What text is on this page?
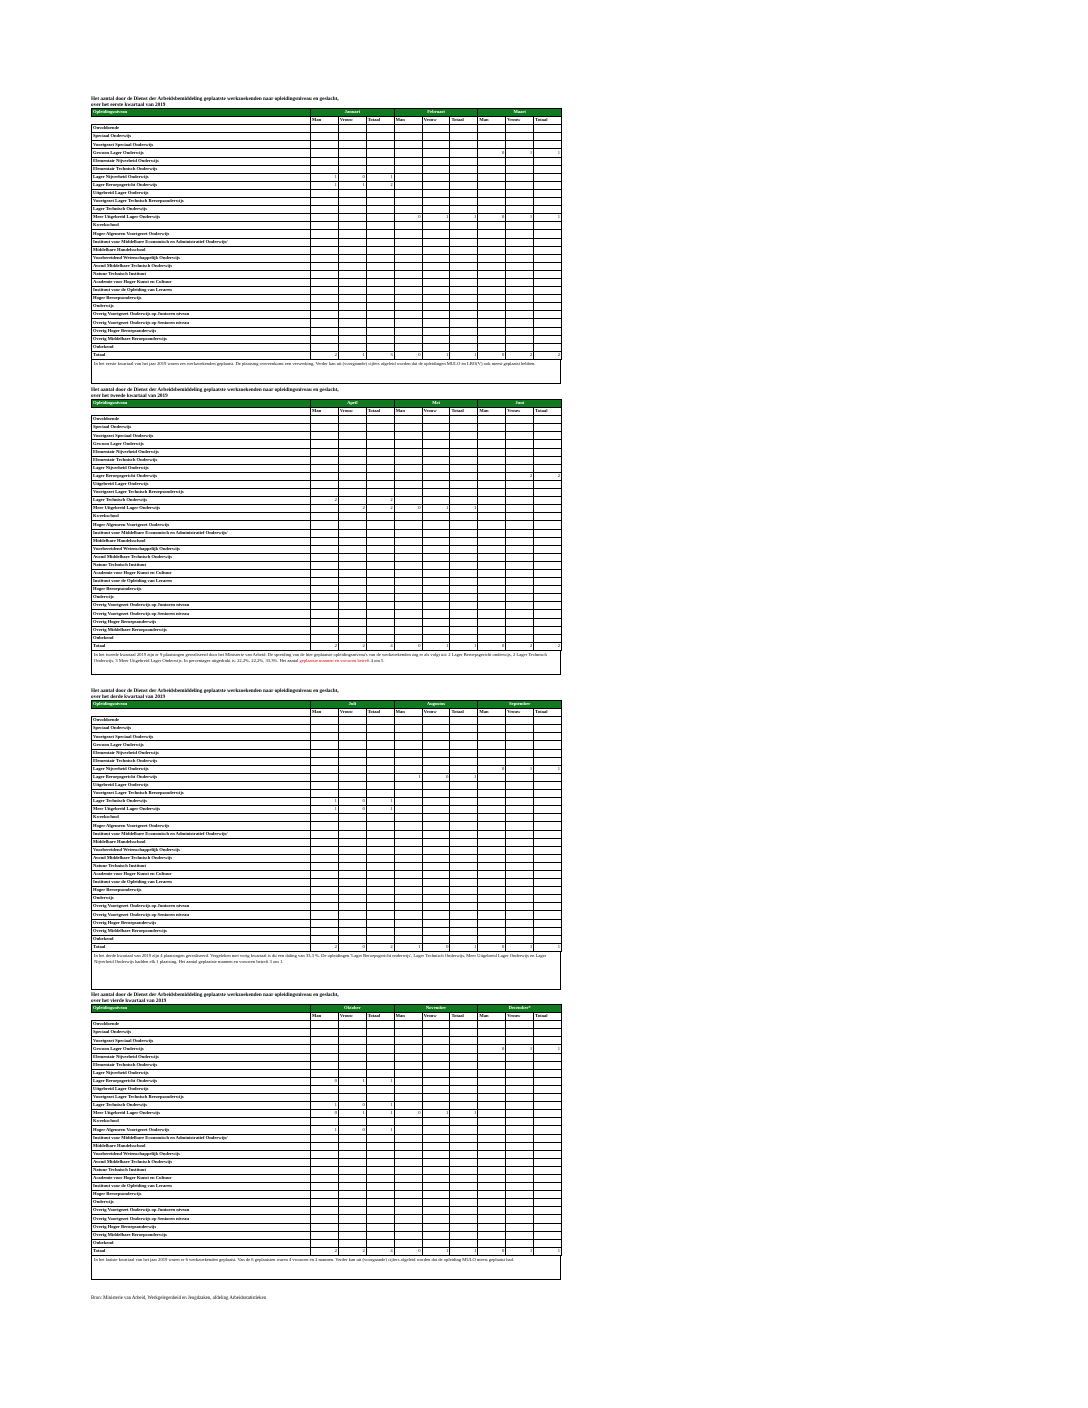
Het aantal door de Dienst der Arbeidsbemiddeling geplaatste werkzoekenden naar opleidingsniveau en geslacht,
over het eerste kwartaal van 2019
Opleidingsniveau	Januari			Februari			Maart		
	Man	Vrouw	Totaal	Man	Vrouw	Totaal	Man	Vrouw	Totaal
Onvoldoende									
Speciaal Onderwijs									
Voortgezet Speciaal Onderwijs									
Gewoon Lager Onderwijs							0	1	1
Elementair Nijverheid Onderwijs									
Elementair Technisch Onderwijs									
Lager Nijverheid Onderwijs	1	0	1						
Lager Beroepsgericht Onderwijs	1	1	2						
Uitgebreid Lager Onderwijs									
Voortgezet Lager Technisch Beroepsonderwijs									
Lager Technisch Onderwijs									
Meer Uitgebreid Lager Onderwijs				0	1	1	0	1	1
Kweekschool									
Hoger Algemeen Voortgezet Onderwijs									
Instituut voor Middelbare Economisch en Administratief Onderwijs/									
Middelbare Handelsschool									
Voorbereidend Wetenschappelijk Onderwijs									
Avond Middelbare Technisch Onderwijs									
Natuur Technisch Instituut									
Academie voor Hoger Kunst en Cultuur									
Instituut voor de Opleiding van Leraren									
Hoger Beroepsonderwijs									
Onderwijs									
Overig Voortgezet Onderwijs op Junioren niveau									
Overig Voortgezet Onderwijs op Senioren niveau									
Overig Hoger Beroepsonderwijs									
Overig Middelbare Beroepsonderwijs									
Onbekend									
Totaal	2	1	3	0	1	1	0	2	2
In het eerste kwartaal van het jaar 2019 waren zes werkzoekenden geplaatst. De plaatsing overeenkomt een verwerking. Verder kan uit (voorgaande) cijfers afgeleid worden dat de opleidingen MULO en LBO(V) ook meest geplaatst hebben.
Het aantal door de Dienst der Arbeidsbemiddeling geplaatste werkzoekenden naar opleidingsniveau en geslacht,
over het tweede kwartaal van 2019
Opleidingsniveau	April			Mei			Juni		
	Man	Vrouw	Totaal	Man	Vrouw	Totaal	Man	Vrouw	Totaal
Onvoldoende									
Speciaal Onderwijs									
Voortgezet Speciaal Onderwijs									
Gewoon Lager Onderwijs									
Elementair Nijverheid Onderwijs									
Elementair Technisch Onderwijs									
Lager Nijverheid Onderwijs									
Lager Beroepsgericht Onderwijs								2	2
Uitgebreid Lager Onderwijs									
Voortgezet Lager Technisch Beroepsonderwijs									
Lager Technisch Onderwijs	2		2						
Meer Uitgebreid Lager Onderwijs		2	2	0	1	1			
Kweekschool									
Hoger Algemeen Voortgezet Onderwijs									
Instituut voor Middelbare Economisch en Administratief Onderwijs/									
Middelbare Handelsschool									
Voorbereidend Wetenschappelijk Onderwijs									
Avond Middelbare Technisch Onderwijs									
Natuur Technisch Instituut									
Academie voor Hoger Kunst en Cultuur									
Instituut voor de Opleiding van Leraren									
Hoger Beroepsonderwijs									
Onderwijs									
Overig Voortgezet Onderwijs op Junioren niveau									
Overig Voortgezet Onderwijs op Senioren niveau									
Overig Hoger Beroepsonderwijs									
Overig Middelbare Beroepsonderwijs									
Onbekend									
Totaal	2	2	4	0	1	1	0	2	2
In het tweede kwartaal 2019 zijn er 9 plaatsingen gerealiseerd door het Ministerie van Arbeid. De spreiding van de hier geplaatste opleidingsniveau's van de werkzoekenden zag er als volgt uit: 2 Lager Beroepsgericht onderwijs, 2 Lager Technisch Onderwijs, 3 Meer Uitgebreid Lager Onderwijs. In percentages uitgedrukt is: 22,2%, 22,2%, 33,3%. Het aantal geplaatste mannen en vrouwen betreft 4 om 5.
Het aantal door de Dienst der Arbeidsbemiddeling geplaatste werkzoekenden naar opleidingsniveau en geslacht,
over het derde kwartaal van 2019
Opleidingsniveau	Juli			Augustus			September		
	Man	Vrouw	Totaal	Man	Vrouw	Totaal	Man	Vrouw	Totaal
Onvoldoende									
Speciaal Onderwijs									
Voortgezet Speciaal Onderwijs									
Gewoon Lager Onderwijs									
Elementair Nijverheid Onderwijs									
Elementair Technisch Onderwijs									
Lager Nijverheid Onderwijs							0	1	1
Lager Beroepsgericht Onderwijs				1	0	1			
Uitgebreid Lager Onderwijs									
Voortgezet Lager Technisch Beroepsonderwijs									
Lager Technisch Onderwijs	1	0	1						
Meer Uitgebreid Lager Onderwijs	1	0	1						
Kweekschool									
Hoger Algemeen Voortgezet Onderwijs									
Instituut voor Middelbare Economisch en Administratief Onderwijs/									
Middelbare Handelsschool									
Voorbereidend Wetenschappelijk Onderwijs									
Avond Middelbare Technisch Onderwijs									
Natuur Technisch Instituut									
Academie voor Hoger Kunst en Cultuur									
Instituut voor de Opleiding van Leraren									
Hoger Beroepsonderwijs									
Onderwijs									
Overig Voortgezet Onderwijs op Junioren niveau									
Overig Voortgezet Onderwijs op Senioren niveau									
Overig Hoger Beroepsonderwijs									
Overig Middelbare Beroepsonderwijs									
Onbekend									
Totaal	2	0	2	1	0	1	0	1	1
In het derde kwartaal van 2019 zijn 4 plaatsingen gerealiseerd. Vergeleken met vorig kwartaal is dit een daling van 33,3 %. De opleidingen 'Lager Beroepsgericht onderwijs', Lager Technisch Onderwijs, Meer Uitgebreid Lager Onderwijs en Lager Nijverheid Onderwijs hadden elk 1 plaatsing. Het aantal geplaatste mannen en vrouwen betreft 3 om 1.
Het aantal door de Dienst der Arbeidsbemiddeling geplaatste werkzoekenden naar opleidingsniveau en geslacht,
over het vierde kwartaal van 2019
Opleidingsniveau	Oktober			November			December*		
	Man	Vrouw	Totaal	Man	Vrouw	Totaal	Man	Vrouw	Totaal
Onvoldoende									
Speciaal Onderwijs									
Voortgezet Speciaal Onderwijs									
Gewoon Lager Onderwijs							0	1	1
Elementair Nijverheid Onderwijs									
Elementair Technisch Onderwijs									
Lager Nijverheid Onderwijs									
Lager Beroepsgericht Onderwijs	0	1	1						
Uitgebreid Lager Onderwijs									
Voortgezet Lager Technisch Beroepsonderwijs									
Lager Technisch Onderwijs	1	0	1						
Meer Uitgebreid Lager Onderwijs	0	1	1	0	1	1			
Kweekschool									
Hoger Algemeen Voortgezet Onderwijs	1	0	1						
Instituut voor Middelbare Economisch en Administratief Onderwijs/									
Middelbare Handelsschool									
Voorbereidend Wetenschappelijk Onderwijs									
Avond Middelbare Technisch Onderwijs									
Natuur Technisch Instituut									
Academie voor Hoger Kunst en Cultuur									
Instituut voor de Opleiding van Leraren									
Hoger Beroepsonderwijs									
Onderwijs									
Overig Voortgezet Onderwijs op Junioren niveau									
Overig Voortgezet Onderwijs op Senioren niveau									
Overig Hoger Beroepsonderwijs									
Overig Middelbare Beroepsonderwijs									
Onbekend									
Totaal	2	2	4	0	1	1	0	1	1
In het laatste kwartaal van het jaar 2019 waren er 6 werkzoekenden geplaatst. Van de 6 geplaatsten waren 4 vrouwen en 2 mannen. Verder kan uit (voorgaande) cijfers afgeleid worden dat de opleiding MULO meest geplaatst had.
Bron: Ministerie van Arbeid, Werkgelegenheid en Jeugdzaken, afdeling Arbeidsstatistieken
